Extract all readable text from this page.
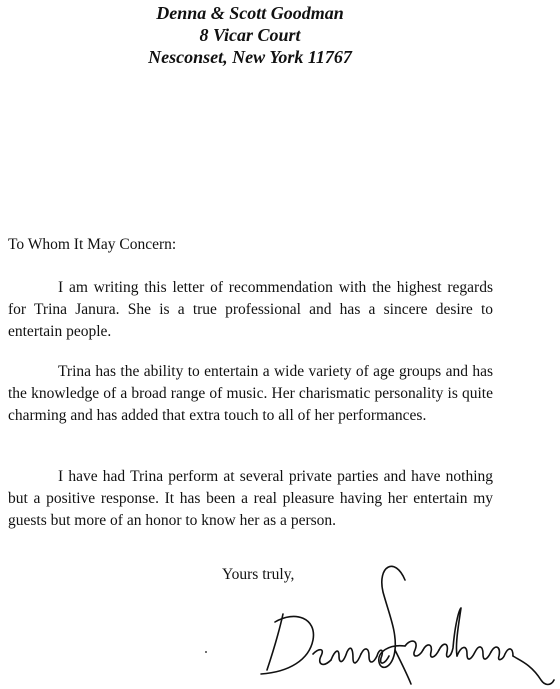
Denna & Scott Goodman
8 Vicar Court
Nesconset, New York 11767
To Whom It May Concern:
I am writing this letter of recommendation with the highest regards for Trina Janura. She is a true professional and has a sincere desire to entertain people.
Trina has the ability to entertain a wide variety of age groups and has the knowledge of a broad range of music. Her charismatic personality is quite charming and has added that extra touch to all of her performances.
I have had Trina perform at several private parties and have nothing but a positive response. It has been a real pleasure having her entertain my guests but more of an honor to know her as a person.
Yours truly,
